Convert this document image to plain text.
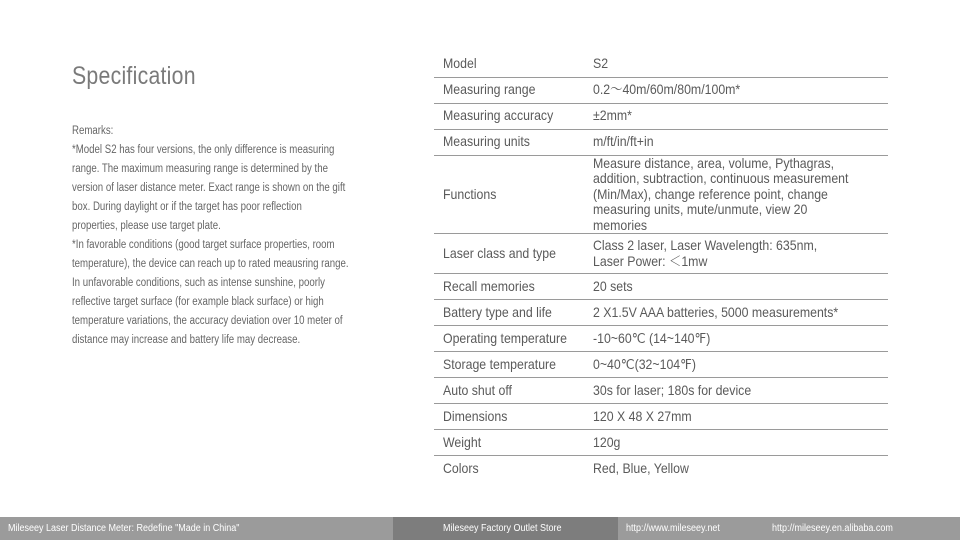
Specification

Remarks:

*Model S2 has four versions, the only difference is measuring range. The maximum measuring range is determined by the version of laser distance meter. Exact range is shown on the gift box. During daylight or if the target has poor reflection properties, please use target plate.

*In favorable conditions (good target surface properties, room temperature), the device can reach up to rated meausring range. In unfavorable conditions, such as intense sunshine, poorly reflective target surface (for example black surface) or high temperature variations, the accuracy deviation over 10 meter of distance may increase and battery life may decrease.

Model	S2
Measuring range	0.2～40m/60m/80m/100m*
Measuring accuracy	±2mm*
Measuring units	m/ft/in/ft+in
Functions	Measure distance, area, volume, Pythagras, addition, subtraction, continuous measurement (Min/Max), change reference point, change measuring units, mute/unmute, view 20 memories

Laser class and type	Class 2 laser, Laser Wavelength: 635nm, Laser Power: ＜1mw

Recall memories	20 sets
Battery type and life	2 X1.5V AAA batteries, 5000 measurements*
Operating temperature	-10~60℃ (14~140℉)
Storage temperature	0~40℃(32~104℉)
Auto shut off	30s for laser; 180s for device
Dimensions	120 X 48 X 27mm
Weight	120g
Colors	Red, Blue, Yellow
Mileseey Laser Distance Meter: Redefine "Made in China"	Mileseey Factory Outlet Store	http://www.mileseey.net	http://mileseey.en.alibaba.com
